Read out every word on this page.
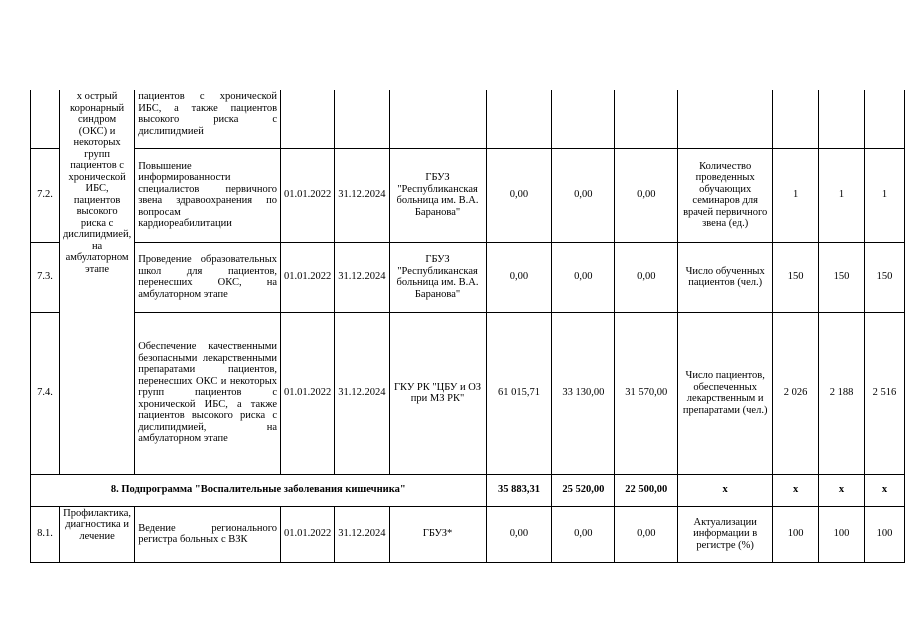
	х острый коронарный синдром (ОКС) и некоторых групп пациентов с хронической ИБС, пациентов высокого риска с дислипидмией, на амбулаторном этапе	пациентов с хронической ИБС, а также пациентов высокого риска с дислипидмией										
7.2.		Повышение информированности специалистов первичного звена здравоохранения по вопросам кардиореабилитации	01.01.2022	31.12.2024	ГБУЗ "Республиканская больница им. В.А. Баранова"	0,00	0,00	0,00	Количество проведенных обучающих семинаров для врачей первичного звена (ед.)	1	1	1
7.3.		Проведение образовательных школ для пациентов, перенесших ОКС, на амбулаторном этапе	01.01.2022	31.12.2024	ГБУЗ "Республиканская больница им. В.А. Баранова"	0,00	0,00	0,00	Число обученных пациентов (чел.)	150	150	150
7.4.		Обеспечение качественными безопасными лекарственными препаратами пациентов, перенесших ОКС и некоторых групп пациентов с хронической ИБС, а также пациентов высокого риска с дислипидмией, на амбулаторном этапе	01.01.2022	31.12.2024	ГКУ РК "ЦБУ и ОЗ при МЗ РК"	61 015,71	33 130,00	31 570,00	Число пациентов, обеспеченных лекарственным и препаратами (чел.)	2 026	2 188	2 516
8. Подпрограмма "Воспалительные заболевания кишечника"						35 883,31	25 520,00	22 500,00	х	х	х	х
8.1.	Профилактика, диагностика и лечение	Ведение регионального регистра больных с ВЗК	01.01.2022	31.12.2024	ГБУЗ*	0,00	0,00	0,00	Актуализации информации в регистре (%)	100	100	100
